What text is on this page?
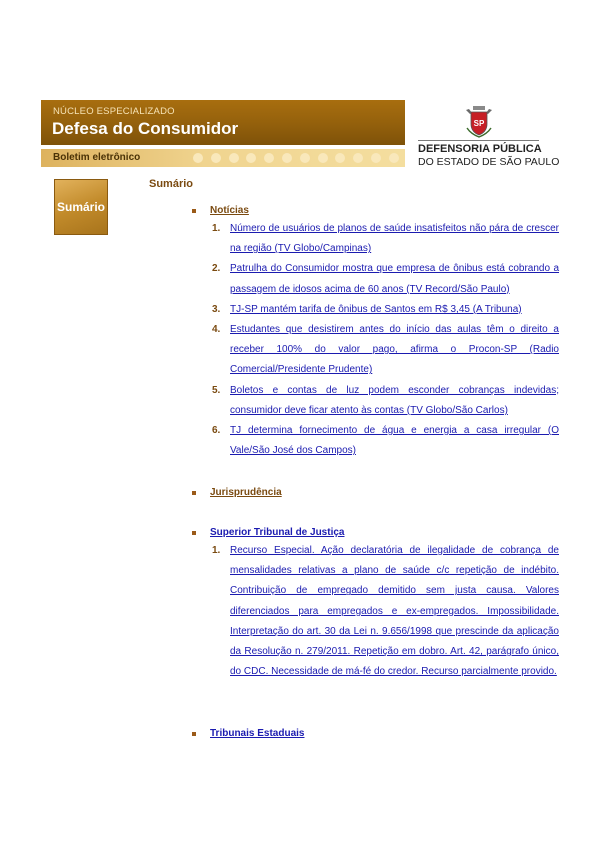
NÚCLEO ESPECIALIZADO
Defesa do Consumidor
Boletim eletrônico
SP
DEFENSORIA PÚBLICA
DO ESTADO DE SÃO PAULO
Sumário
Sumário
Notícias
1. Número de usuários de planos de saúde insatisfeitos não pára de crescer na região (TV Globo/Campinas)
2. Patrulha do Consumidor mostra que empresa de ônibus está cobrando a passagem de idosos acima de 60 anos (TV Record/São Paulo)
3. TJ-SP mantém tarifa de ônibus de Santos em R$ 3,45 (A Tribuna)
4. Estudantes que desistirem antes do início das aulas têm o direito a receber 100% do valor pago, afirma o Procon-SP (Radio Comercial/Presidente Prudente)
5. Boletos e contas de luz podem esconder cobranças indevidas; consumidor deve ficar atento às contas (TV Globo/São Carlos)
6. TJ determina fornecimento de água e energia a casa irregular (O Vale/São José dos Campos)
Jurisprudência
Superior Tribunal de Justiça
1. Recurso Especial. Ação declaratória de ilegalidade de cobrança de mensalidades relativas a plano de saúde c/c repetição de indébito. Contribuição de empregado demitido sem justa causa. Valores diferenciados para empregados e ex-empregados. Impossibilidade. Interpretação do art. 30 da Lei n. 9.656/1998 que prescinde da aplicação da Resolução n. 279/2011. Repetição em dobro. Art. 42, parágrafo único, do CDC. Necessidade de má-fé do credor. Recurso parcialmente provido.
Tribunais Estaduais
